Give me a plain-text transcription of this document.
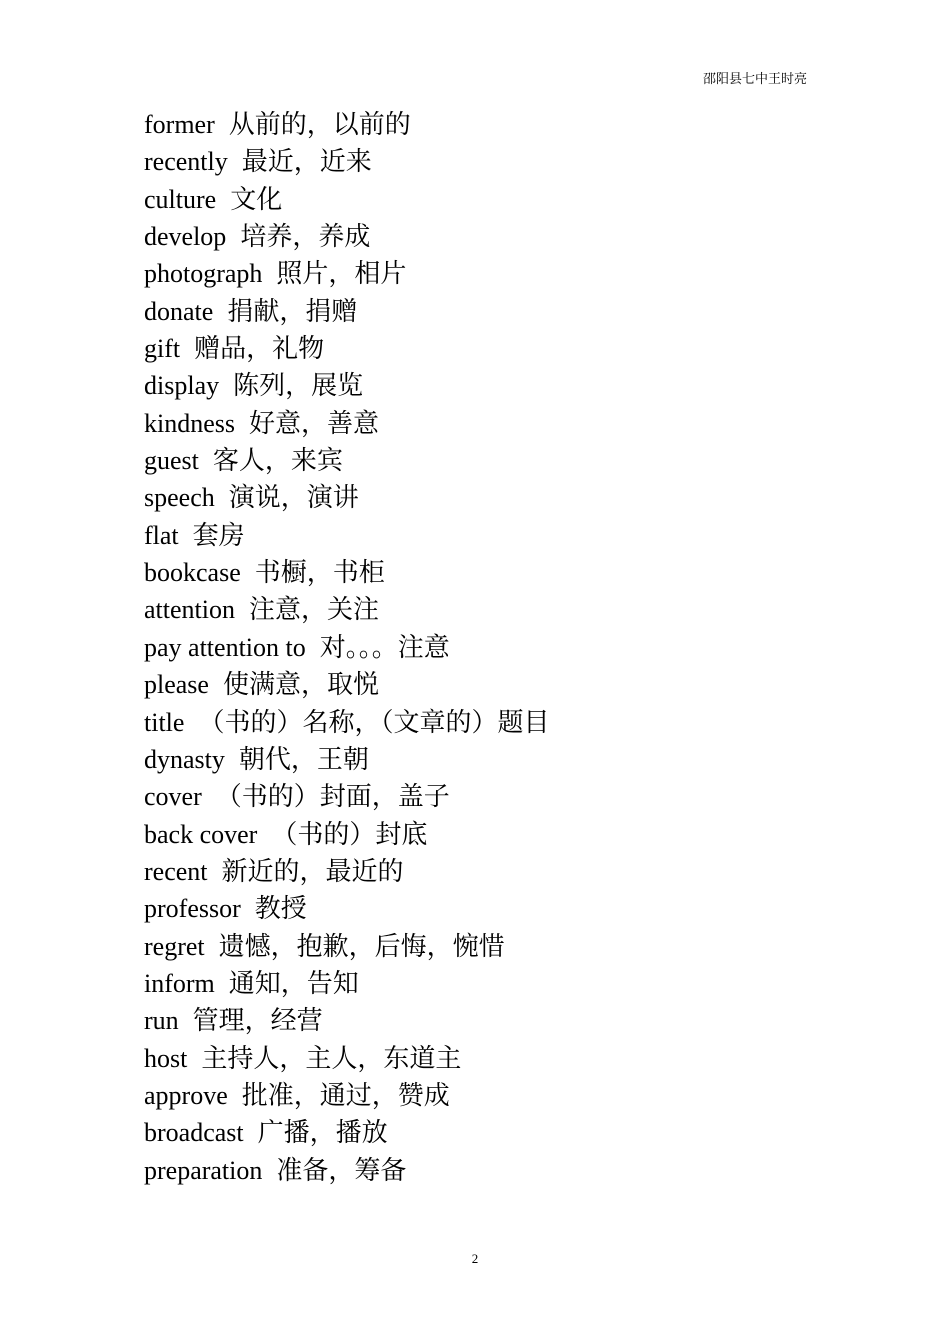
邵阳县七中王时亮
former 从前的，以前的
recently 最近，近来
culture 文化
develop 培养，养成
photograph 照片，相片
donate 捐献，捐赠
gift 赠品，礼物
display 陈列，展览
kindness 好意，善意
guest 客人，来宾
speech 演说，演讲
flat 套房
bookcase 书橱，书柜
attention 注意，关注
pay attention to 对。。。注意
please 使满意，取悦
title （书的）名称，（文章的）题目
dynasty 朝代，王朝
cover （书的）封面，盖子
back cover （书的）封底
recent 新近的，最近的
professor 教授
regret 遗憾，抱歉，后悔，惋惜
inform 通知，告知
run 管理，经营
host 主持人，主人，东道主
approve 批准，通过，赞成
broadcast 广播，播放
preparation 准备，筹备
2
